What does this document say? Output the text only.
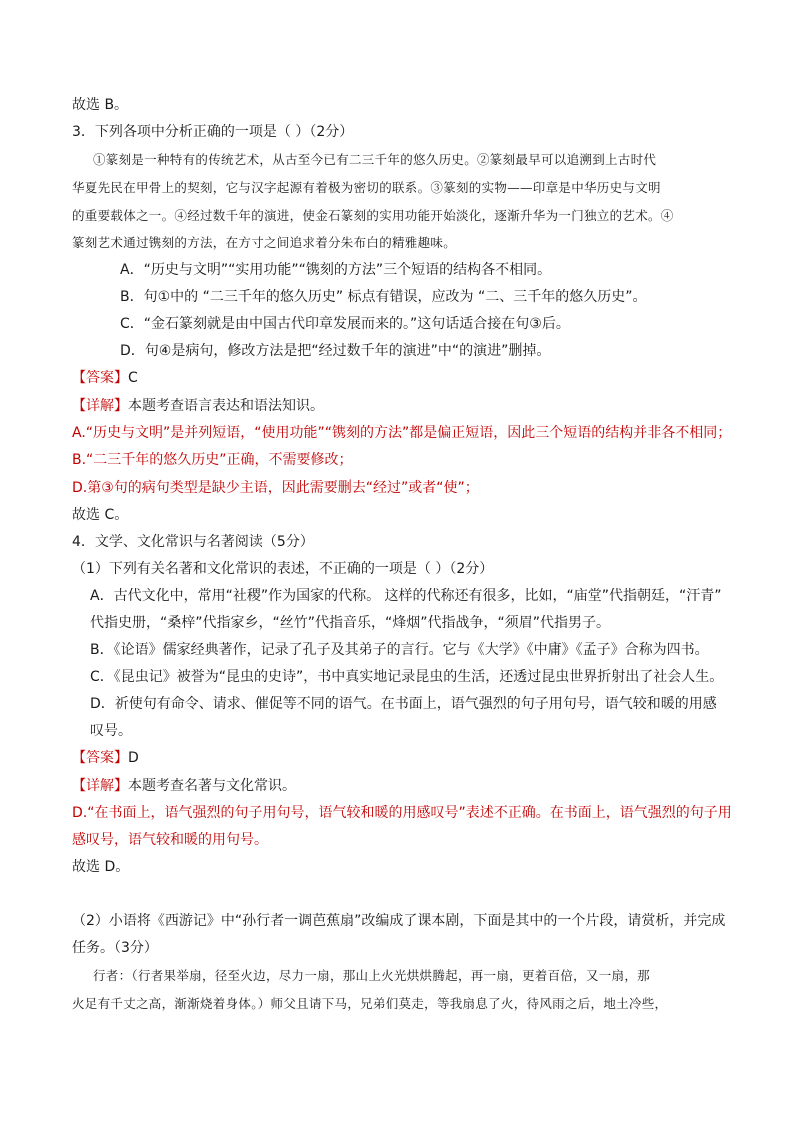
故选 B。
3．下列各项中分析正确的一项是（ ）（2分）
①篆刻是一种特有的传统艺术，从古至今已有二三千年的悠久历史。②篆刻最早可以追溯到上古时代
华夏先民在甲骨上的契刻，它与汉字起源有着极为密切的联系。③篆刻的实物——印章是中华历史与文明
的重要载体之一。④经过数千年的演进，使金石篆刻的实用功能开始淡化，逐渐升华为一门独立的艺术。④
篆刻艺术通过镌刻的方法，在方寸之间追求着分朱布白的精雅趣味。
A．“历史与文明”“实用功能”“镌刻的方法”三个短语的结构各不相同。
B．句①中的 “二三千年的悠久历史” 标点有错误，应改为 “二、三千年的悠久历史”。
C．“金石篆刻就是由中国古代印章发展而来的。”这句话适合接在句③后。
D．句④是病句，修改方法是把“经过数千年的演进”中“的演进”删掉。
【答案】C
【详解】本题考查语言表达和语法知识。
A.“历史与文明”是并列短语，“使用功能”“镌刻的方法”都是偏正短语，因此三个短语的结构并非各不相同；
B.“二三千年的悠久历史”正确，不需要修改；
D.第③句的病句类型是缺少主语，因此需要删去“经过”或者“使”；
故选 C。
4．文学、文化常识与名著阅读（5分）
（1）下列有关名著和文化常识的表述，不正确的一项是（ ）（2分）
A．古代文化中，常用“社稷”作为国家的代称。 这样的代称还有很多，比如，“庙堂”代指朝廷，“汗青”
代指史册，“桑梓”代指家乡，“丝竹”代指音乐，“烽烟”代指战争，“须眉”代指男子。
B．《论语》儒家经典著作，记录了孔子及其弟子的言行。它与《大学》《中庸》《孟子》合称为四书。
C．《昆虫记》被誉为“昆虫的史诗”，书中真实地记录昆虫的生活，还透过昆虫世界折射出了社会人生。
D．祈使句有命令、请求、催促等不同的语气。在书面上，语气强烈的句子用句号，语气较和暖的用感
叹号。
【答案】D
【详解】本题考查名著与文化常识。
D.“在书面上，语气强烈的句子用句号，语气较和暖的用感叹号”表述不正确。在书面上，语气强烈的句子用
感叹号，语气较和暖的用句号。
故选 D。
（2）小语将《西游记》中“孙行者一调芭蕉扇”改编成了课本剧，下面是其中的一个片段，请赏析，并完成
任务。（3分）
行者：（行者果举扇，径至火边，尽力一扇，那山上火光烘烘腾起，再一扇，更着百倍，又一扇，那
火足有千丈之高，渐渐烧着身体。）师父且请下马，兄弟们莫走，等我扇息了火，待风雨之后，地土冷些，
